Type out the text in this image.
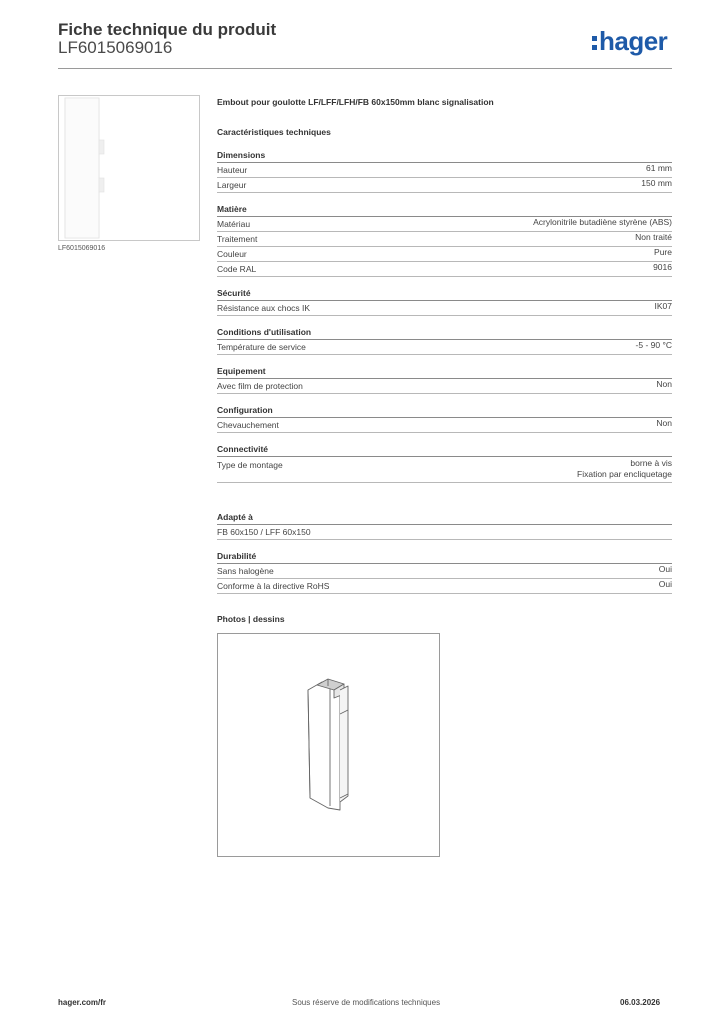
Fiche technique du produit
LF6015069016	hager
LF6015069016
Embout pour goulotte LF/LFF/LFH/FB 60x150mm blanc signalisation
Caractéristiques techniques
Dimensions
Hauteur	61 mm
Largeur	150 mm
Matière
Matériau	Acrylonitrile butadiène styrène (ABS)
Traitement	Non traité
Couleur	Pure
Code RAL	9016
Sécurité
Résistance aux chocs IK	IK07
Conditions d'utilisation
Température de service	-5 - 90 °C
Equipement
Avec film de protection	Non
Configuration
Chevauchement	Non
Connectivité
Type de montage	borne à vis
Fixation par encliquetage
Adapté à
FB 60x150 / LFF 60x150
Durabilité
Sans halogène	Oui
Conforme à la directive RoHS	Oui
Photos | dessins
hager.com/fr	Sous réserve de modifications techniques	06.03.2026
